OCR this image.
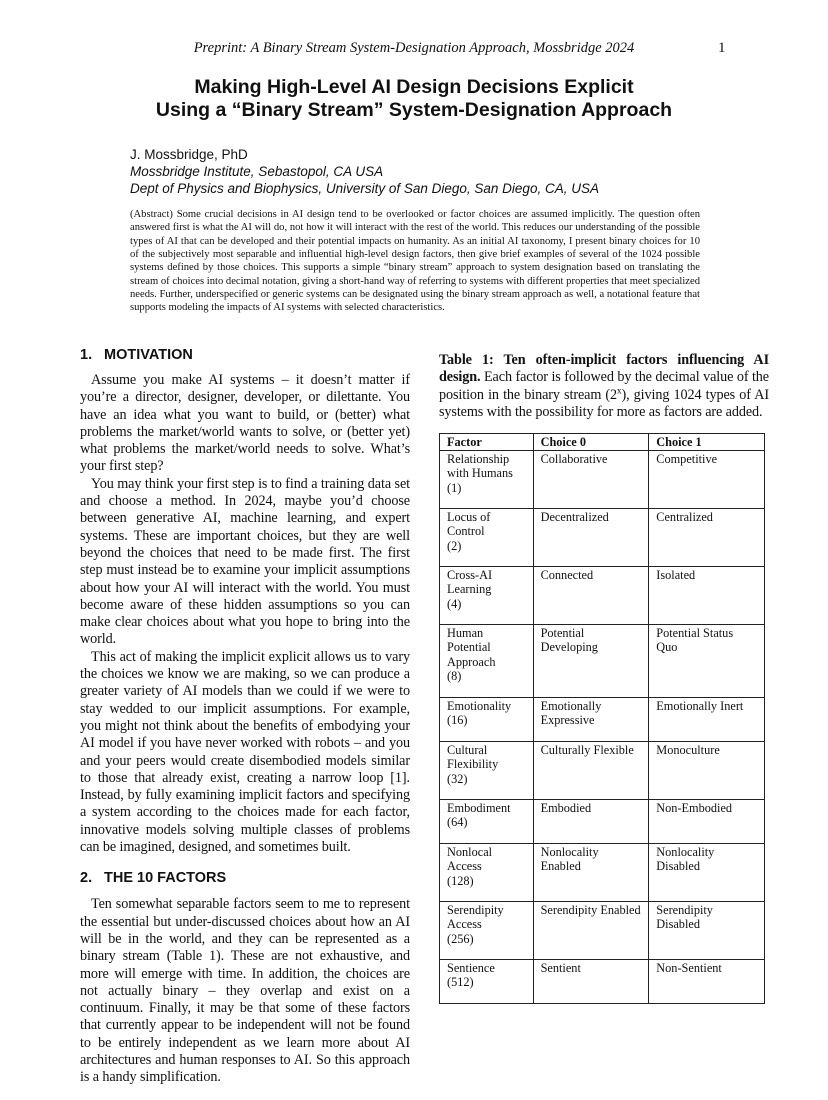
Preprint: A Binary Stream System-Designation Approach, Mossbridge 2024	1
Making High-Level AI Design Decisions Explicit
Using a “Binary Stream” System-Designation Approach
J. Mossbridge, PhD
Mossbridge Institute, Sebastopol, CA USA
Dept of Physics and Biophysics, University of San Diego, San Diego, CA, USA

(Abstract) Some crucial decisions in AI design tend to be overlooked or factor choices are assumed implicitly. The question often answered first is what the AI will do, not how it will interact with the rest of the world. This reduces our understanding of the possible types of AI that can be developed and their potential impacts on humanity. As an initial AI taxonomy, I present binary choices for 10 of the subjectively most separable and influential high-level design factors, then give brief examples of several of the 1024 possible systems defined by those choices. This supports a simple “binary stream” approach to system designation based on translating the stream of choices into decimal notation, giving a short-hand way of referring to systems with different properties that meet specialized needs. Further, underspecified or generic systems can be designated using the binary stream approach as well, a notational feature that supports modeling the impacts of AI systems with selected characteristics.

1. MOTIVATION

Assume you make AI systems – it doesn’t matter if you’re a director, designer, developer, or dilettante. You have an idea what you want to build, or (better) what problems the market/world wants to solve, or (better yet) what problems the market/world needs to solve. What’s your first step?

You may think your first step is to find a training data set and choose a method. In 2024, maybe you’d choose between generative AI, machine learning, and expert systems. These are important choices, but they are well beyond the choices that need to be made first. The first step must instead be to examine your implicit assumptions about how your AI will interact with the world. You must become aware of these hidden assumptions so you can make clear choices about what you hope to bring into the world.

This act of making the implicit explicit allows us to vary the choices we know we are making, so we can produce a greater variety of AI models than we could if we were to stay wedded to our implicit assumptions. For example, you might not think about the benefits of embodying your AI model if you have never worked with robots – and you and your peers would create disembodied models similar to those that already exist, creating a narrow loop [1]. Instead, by fully examining implicit factors and specifying a system according to the choices made for each factor, innovative models solving multiple classes of problems can be imagined, designed, and sometimes built.

2. THE 10 FACTORS

Ten somewhat separable factors seem to me to represent the essential but under-discussed choices about how an AI will be in the world, and they can be represented as a binary stream (Table 1). These are not exhaustive, and more will emerge with time. In addition, the choices are not actually binary – they overlap and exist on a continuum. Finally, it may be that some of these factors that currently appear to be independent will not be found to be entirely independent as we learn more about AI architectures and human responses to AI. So this approach is a handy simplification.

Table 1: Ten often-implicit factors influencing AI design. Each factor is followed by the decimal value of the position in the binary stream (2$^x$), giving 1024 types of AI systems with the possibility for more as factors are added.

Factor	Choice 0	Choice 1
Relationship with Humans
(1)	Collaborative	Competitive
Locus of Control
(2)	Decentralized	Centralized
Cross-AI Learning
(4)	Connected	Isolated
Human Potential Approach
(8)	Potential Developing	Potential Status Quo
Emotionality
(16)	Emotionally Expressive	Emotionally Inert
Cultural Flexibility
(32)	Culturally Flexible	Monoculture
Embodiment
(64)	Embodied	Non-Embodied
Nonlocal Access
(128)	Nonlocality Enabled	Nonlocality Disabled
Serendipity Access
(256)	Serendipity Enabled	Serendipity Disabled
Sentience
(512)	Sentient	Non-Sentient
